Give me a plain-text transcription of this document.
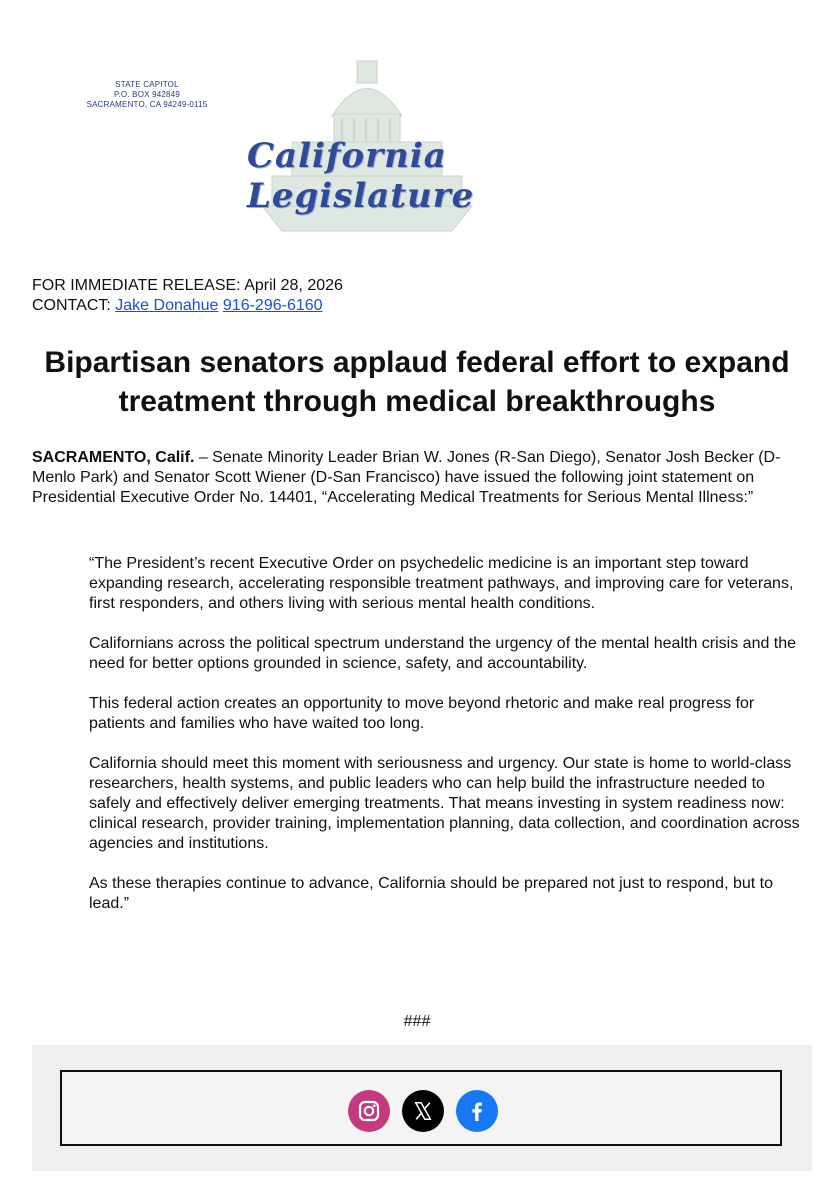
STATE CAPITOL
P.O. BOX 942849
SACRAMENTO, CA 94249-0115
California Legislature
FOR IMMEDIATE RELEASE: April 28, 2026
CONTACT: Jake Donahue 916-296-6160
Bipartisan senators applaud federal effort to expand treatment through medical breakthroughs
SACRAMENTO, Calif. – Senate Minority Leader Brian W. Jones (R-San Diego), Senator Josh Becker (D-Menlo Park) and Senator Scott Wiener (D-San Francisco) have issued the following joint statement on Presidential Executive Order No. 14401, “Accelerating Medical Treatments for Serious Mental Illness:”

“The President’s recent Executive Order on psychedelic medicine is an important step toward expanding research, accelerating responsible treatment pathways, and improving care for veterans, first responders, and others living with serious mental health conditions.

Californians across the political spectrum understand the urgency of the mental health crisis and the need for better options grounded in science, safety, and accountability.

This federal action creates an opportunity to move beyond rhetoric and make real progress for patients and families who have waited too long.

California should meet this moment with seriousness and urgency. Our state is home to world-class researchers, health systems, and public leaders who can help build the infrastructure needed to safely and effectively deliver emerging treatments. That means investing in system readiness now: clinical research, provider training, implementation planning, data collection, and coordination across agencies and institutions.

As these therapies continue to advance, California should be prepared not just to respond, but to lead.”

###
